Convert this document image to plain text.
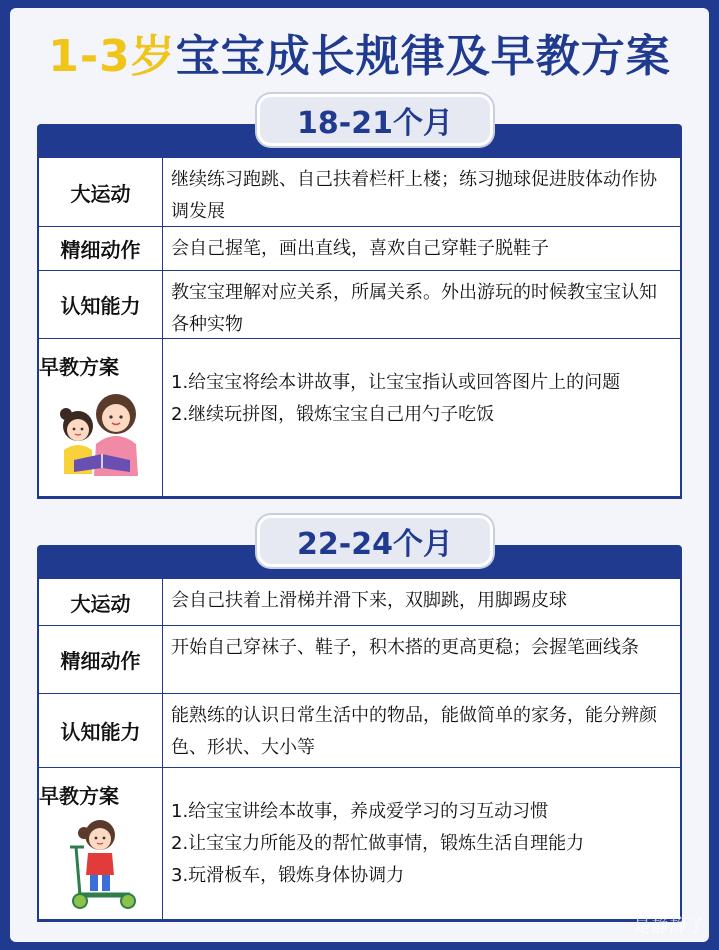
1-3岁宝宝成长规律及早教方案
18-21个月
大运动
继续练习跑跳、自己扶着栏杆上楼；练习抛球促进肢体动作协调发展
精细动作	会自己握笔，画出直线，喜欢自己穿鞋子脱鞋子
认知能力
教宝宝理解对应关系，所属关系。外出游玩的时候教宝宝认知各种实物
早教方案
1.给宝宝将绘本讲故事，让宝宝指认或回答图片上的问题
2.继续玩拼图，锻炼宝宝自己用勺子吃饭
22-24个月
大运动	会自己扶着上滑梯并滑下来，双脚跳，用脚踢皮球
精细动作
开始自己穿袜子、鞋子，积木搭的更高更稳；会握笔画线条
认知能力
能熟练的认识日常生活中的物品，能做简单的家务，能分辨颜色、形状、大小等
早教方案
1.给宝宝讲绘本故事，养成爱学习的习互动习惯
2.让宝宝力所能及的帮忙做事情，锻炼生活自理能力
3.玩滑板车，锻炼身体协调力
是静静了
